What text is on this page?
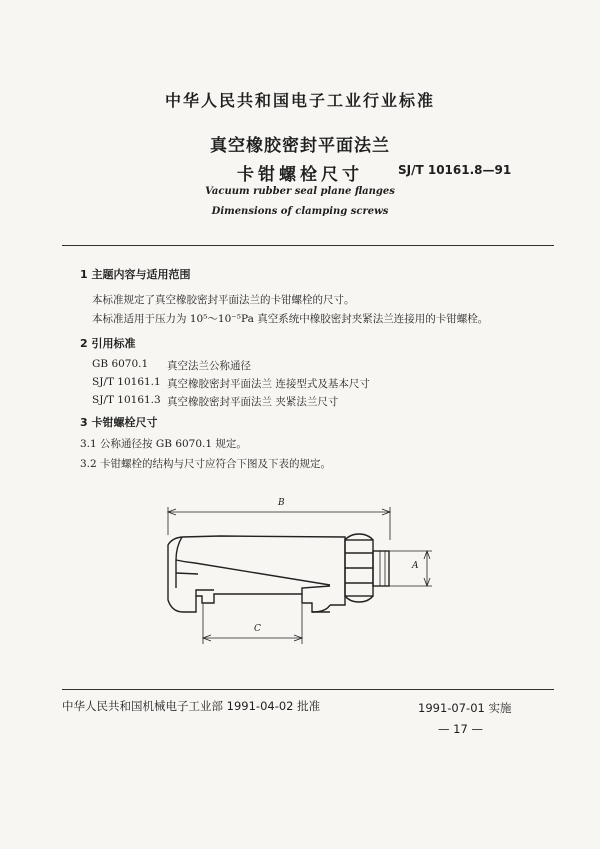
中华人民共和国电子工业行业标准
真空橡胶密封平面法兰
卡钳螺栓尺寸	SJ/T 10161.8—91
Vacuum rubber seal plane flanges
Dimensions of clamping screws
1 主题内容与适用范围
本标准规定了真空橡胶密封平面法兰的卡钳螺栓的尺寸。
本标准适用于压力为 10⁵～10⁻⁵Pa 真空系统中橡胶密封夹紧法兰连接用的卡钳螺栓。
2 引用标准
GB 6070.1 真空法兰公称通径
SJ/T 10161.1 真空橡胶密封平面法兰 连接型式及基本尺寸
SJ/T 10161.3 真空橡胶密封平面法兰 夹紧法兰尺寸
3 卡钳螺栓尺寸
3.1 公称通径按 GB 6070.1 规定。
3.2 卡钳螺栓的结构与尺寸应符合下图及下表的规定。
B
A
C
中华人民共和国机械电子工业部 1991-04-02 批准	1991-07-01 实施
— 17 —
